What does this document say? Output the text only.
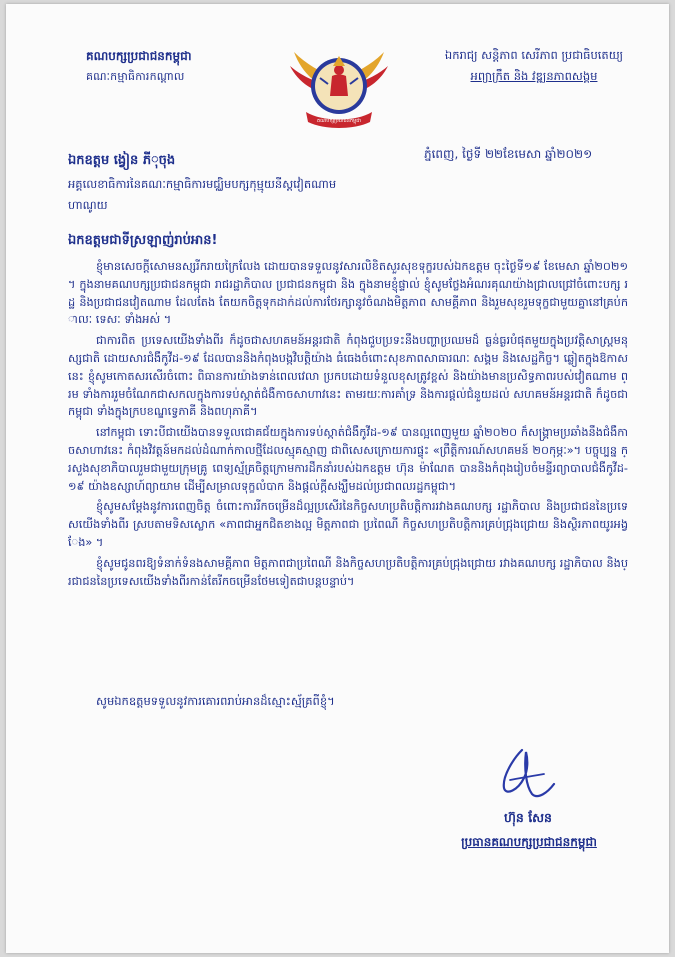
គណបក្សប្រជាជនកម្ពុជា
គណៈកម្មាធិការកណ្ដាល
គណបក្សប្រជាជនកម្ពុជា
ឯករាជ្យ សន្តិភាព សេរីភាព ប្រជាធិបតេយ្យ
អព្យាក្រឹត និង វឌ្ឍនភាពសង្គម
ភ្នំពេញ, ថ្ងៃទី ២២ខែមេសា ឆ្នាំ២០២១
ឯកឧត្ដម ង្វៀន ភីុចុង
អគ្គលេខាធិការនៃគណៈកម្មាធិការមជ្ឈិមបក្សកុម្មុយនីស្តវៀតណាម
ហាណូយ
ឯកឧត្ដមជាទីស្រឡាញ់រាប់អាន!

ខ្ញុំមានសេចក្ដីសោមនស្សរីករាយក្រៃលែង ដោយបានទទួលនូវសារលិខិតសួរសុខទុក្ខរបស់ឯកឧត្ដម ចុះថ្ងៃទី១៩ ខែមេសា ឆ្នាំ២០២១។ ក្នុងនាមគណបក្សប្រជាជនកម្ពុជា រាជរដ្ឋាភិបាល ប្រជាជនកម្ពុជា និង ក្នុងនាមខ្ញុំផ្ទាល់ ខ្ញុំសូមថ្លែងអំណរគុណយ៉ាងជ្រាលជ្រៅចំពោះបក្ស រដ្ឋ និងប្រជាជនវៀតណាម ដែលតែង តែយកចិត្តទុកដាក់ដល់ការថែរក្សានូវចំណងមិត្តភាព សាមគ្គីភាព និងរួមសុខរួមទុក្ខជាមួយគ្នានៅគ្រប់កាលៈ ទេសៈ ទាំងអស់ ។

ជាការពិត ប្រទេសយើងទាំងពីរ ក៏ដូចជាសហគមន៍អន្តរជាតិ កំពុងជួបប្រទះនឹងបញ្ហាប្រឈមដ៏ ធ្ងន់ធ្ងរបំផុតមួយក្នុងប្រវត្តិសាស្ត្រមនុស្សជាតិ ដោយសារជំងឺកូវីដ-១៩ ដែលបាននិងកំពុងបង្កវិបត្តិយ៉ាង ធំធេងចំពោះសុខភាពសាធារណៈ សង្គម និងសេដ្ឋកិច្ច។ ឆ្លៀតក្នុងឱកាសនេះ ខ្ញុំសូមកោតសរសើរចំពោះ ពិធានការយ៉ាងទាន់ពេលវេលា ប្រកបដោយទំនួលខុសត្រូវខ្ពស់ និងយ៉ាងមានប្រសិទ្ធភាពរបស់វៀតណាម ព្រម ទាំងការរួមចំណែកជាសកលក្នុងការទប់ស្កាត់ជំងឺកាចសាហាវនេះ តាមរយៈការគាំទ្រ និងការផ្ដល់ជំនួយដល់ សហគមន៍អន្តរជាតិ ក៏ដូចជាកម្ពុជា ទាំងក្នុងក្របខណ្ឌទ្វេភាគី និងពហុភាគី។

នៅកម្ពុជា ទោះបីជាយើងបានទទួលជោគជ័យក្នុងការទប់ស្កាត់ជំងឺកូវីដ-១៩ បានល្អពេញមួយ ឆ្នាំ២០២០ ក៏សង្គ្រាមប្រឆាំងនឹងជំងឺកាចសាហាវនេះ កំពុងវិវត្តន៍មកដល់ដំណាក់កាលថ្មីដែលស្មុគស្មាញ ជាពិសេសក្រោយការផ្ទុះ «ព្រឹត្តិការណ៍សហគមន៍ ២០កុម្ភៈ»។ បច្ចុប្បន្ន ក្រសួងសុខាភិបាលរួមជាមួយក្រុមគ្រូ ពេទ្យស្ម័គ្រចិត្តក្រោមការដឹកនាំរបស់ឯកឧត្ដម ហ៊ុន ម៉ាណែត បាននិងកំពុងរៀបចំមន្ទីរព្យាបាលជំងឺកូវីដ-១៩ យ៉ាងឧស្សាហ៍ព្យាយាម ដើម្បីសម្រាលទុក្ខលំបាក និងផ្ដល់ក្ដីសង្ឃឹមដល់ប្រជាពលរដ្ឋកម្ពុជា។

ខ្ញុំសូមសម្ដែងនូវការពេញចិត្ត ចំពោះការរីកចម្រើនដ៏ល្អប្រសើរនៃកិច្ចសហប្រតិបត្តិការរវាងគណបក្ស រដ្ឋាភិបាល និងប្រជាជននៃប្រទេសយើងទាំងពីរ ស្របតាមទិសស្លោក «ភាពជាអ្នកជិតខាងល្អ មិត្តភាពជា ប្រពៃណី កិច្ចសហប្រតិបត្តិការគ្រប់ជ្រុងជ្រោយ និងស្ថិរភាពយូរអង្វែង» ។

ខ្ញុំសូមជូនពរឱ្យទំនាក់ទំនងសាមគ្គីភាព មិត្តភាពជាប្រពៃណី និងកិច្ចសហប្រតិបត្តិការគ្រប់ជ្រុងជ្រោយ រវាងគណបក្ស រដ្ឋាភិបាល និងប្រជាជននៃប្រទេសយើងទាំងពីរកាន់តែរីកចម្រើនថែមទៀតជាបន្តបន្ទាប់។

សូមឯកឧត្ដមទទួលនូវការគោរពរាប់អានដ៏ស្មោះស្ម័គ្រពីខ្ញុំ។
ហ៊ុន សែន
ប្រធានគណបក្សប្រជាជនកម្ពុជា
